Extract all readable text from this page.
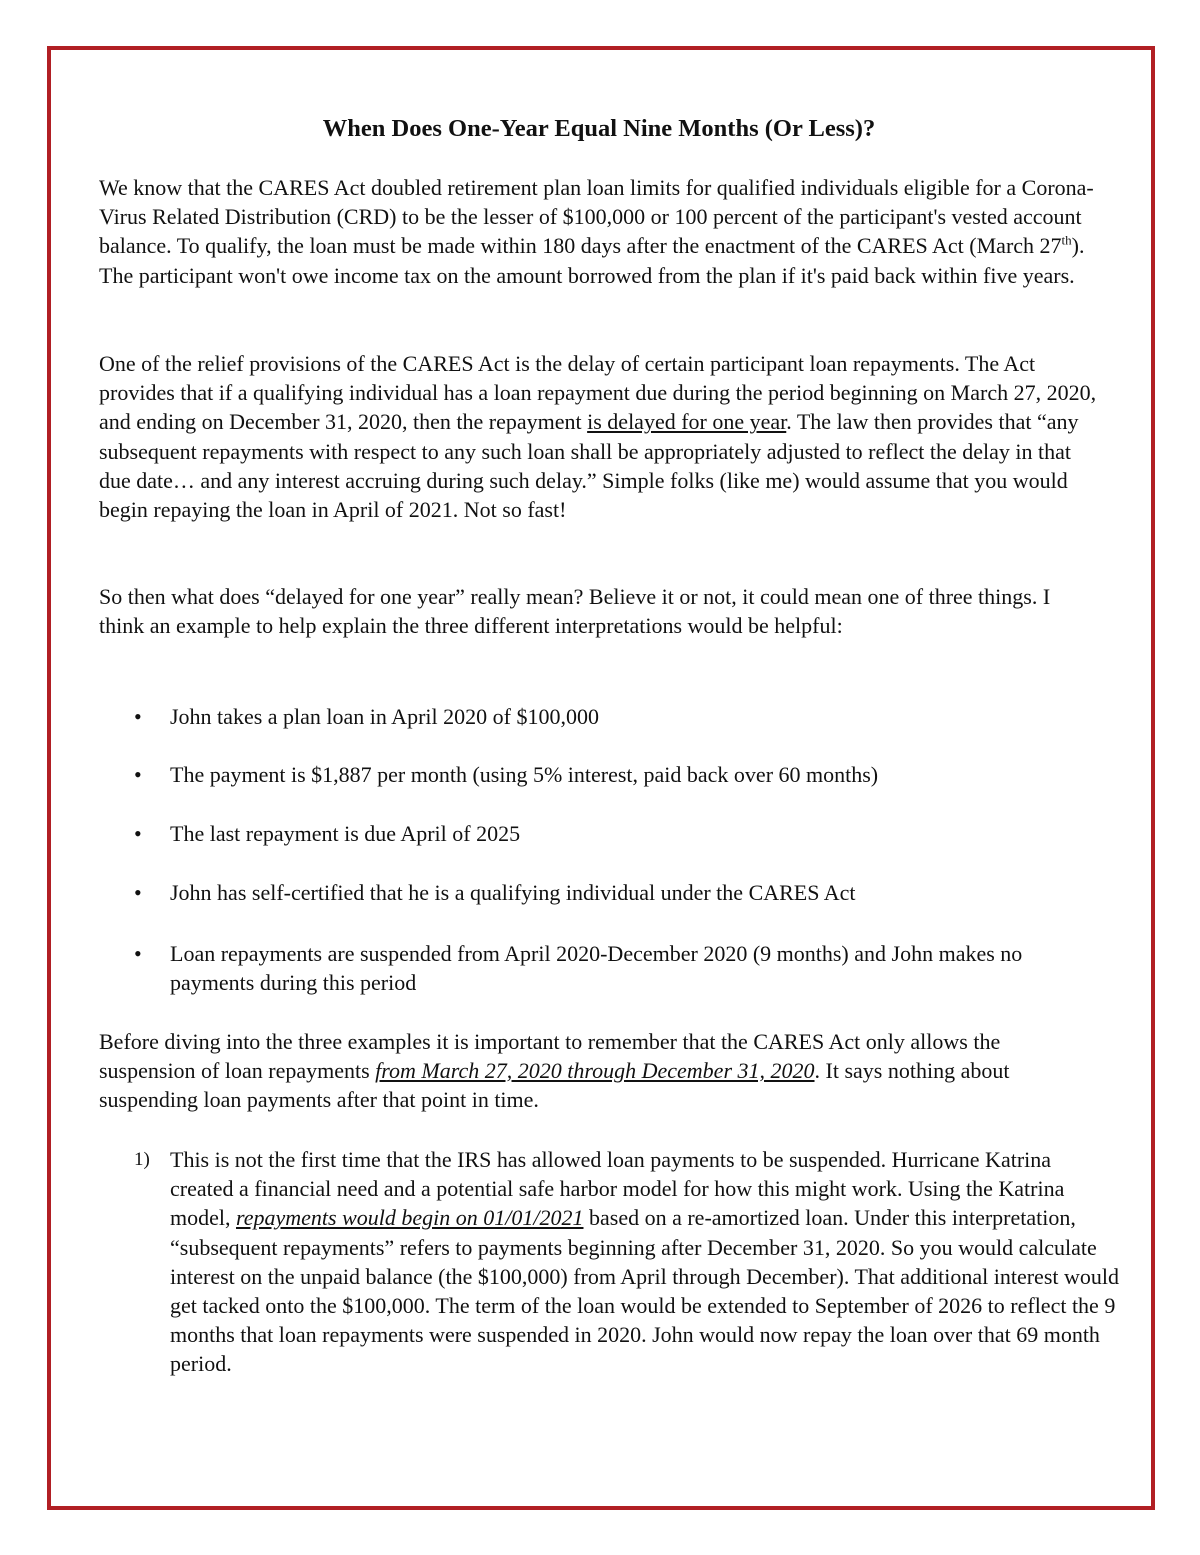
When Does One-Year Equal Nine Months (Or Less)?

We know that the CARES Act doubled retirement plan loan limits for qualified individuals eligible for a Corona-Virus Related Distribution (CRD) to be the lesser of $100,000 or 100 percent of the participant's vested account balance. To qualify, the loan must be made within 180 days after the enactment of the CARES Act (March 27th). The participant won't owe income tax on the amount borrowed from the plan if it's paid back within five years.

One of the relief provisions of the CARES Act is the delay of certain participant loan repayments. The Act provides that if a qualifying individual has a loan repayment due during the period beginning on March 27, 2020, and ending on December 31, 2020, then the repayment is delayed for one year. The law then provides that “any subsequent repayments with respect to any such loan shall be appropriately adjusted to reflect the delay in that due date… and any interest accruing during such delay.” Simple folks (like me) would assume that you would begin repaying the loan in April of 2021. Not so fast!

So then what does “delayed for one year” really mean? Believe it or not, it could mean one of three things. I think an example to help explain the three different interpretations would be helpful:

• John takes a plan loan in April 2020 of $100,000
• The payment is $1,887 per month (using 5% interest, paid back over 60 months)
• The last repayment is due April of 2025
• John has self-certified that he is a qualifying individual under the CARES Act
• Loan repayments are suspended from April 2020-December 2020 (9 months) and John makes no payments during this period

Before diving into the three examples it is important to remember that the CARES Act only allows the suspension of loan repayments from March 27, 2020 through December 31, 2020. It says nothing about suspending loan payments after that point in time.

1) This is not the first time that the IRS has allowed loan payments to be suspended. Hurricane Katrina created a financial need and a potential safe harbor model for how this might work. Using the Katrina model, repayments would begin on 01/01/2021 based on a re-amortized loan. Under this interpretation, “subsequent repayments” refers to payments beginning after December 31, 2020. So you would calculate interest on the unpaid balance (the $100,000) from April through December). That additional interest would get tacked onto the $100,000. The term of the loan would be extended to September of 2026 to reflect the 9 months that loan repayments were suspended in 2020. John would now repay the loan over that 69 month period.
